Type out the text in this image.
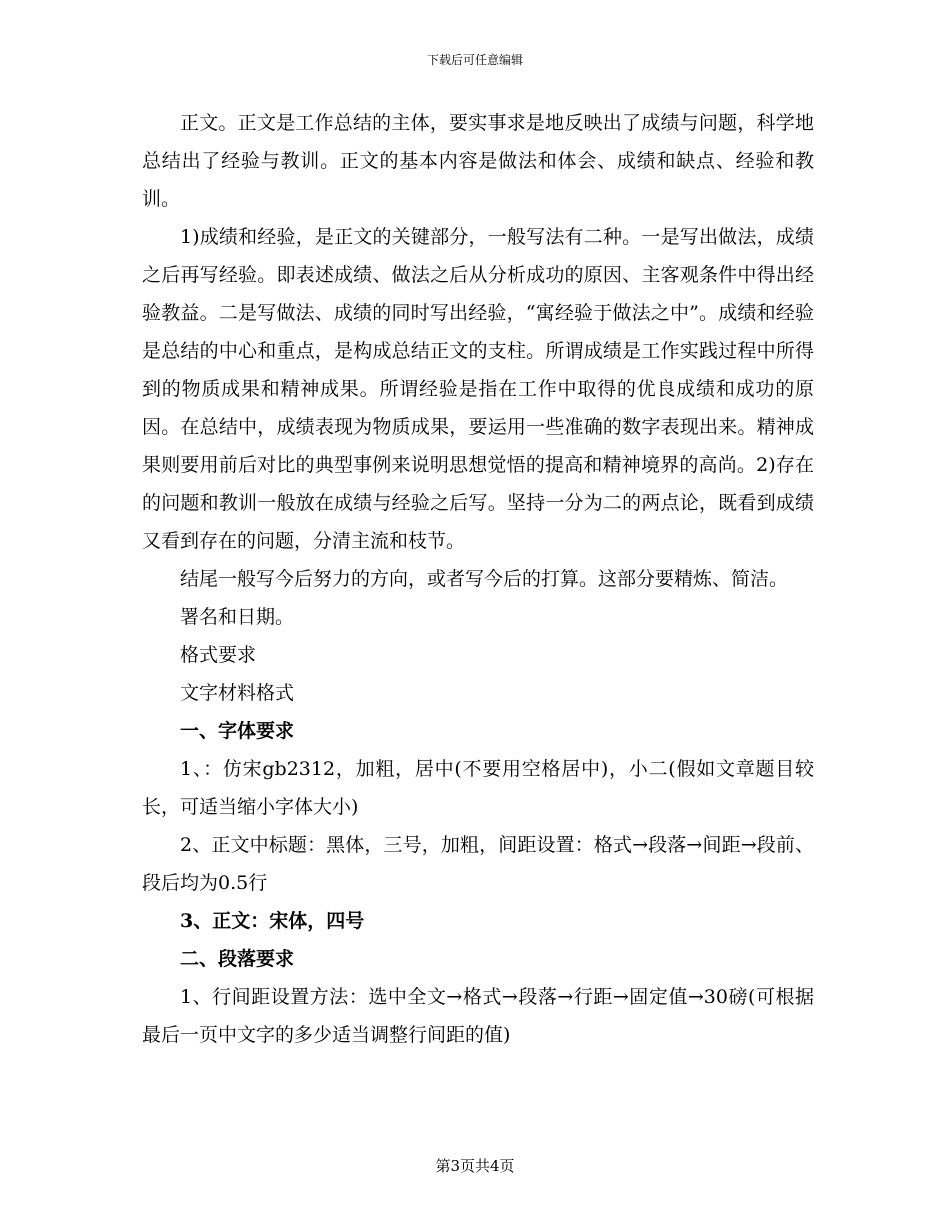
下载后可任意编辑

正文。正文是工作总结的主体，要实事求是地反映出了成绩与问题，科学地总结出了经验与教训。正文的基本内容是做法和体会、成绩和缺点、经验和教训。

1)成绩和经验，是正文的关键部分，一般写法有二种。一是写出做法，成绩之后再写经验。即表述成绩、做法之后从分析成功的原因、主客观条件中得出经验教益。二是写做法、成绩的同时写出经验，“寓经验于做法之中”。成绩和经验是总结的中心和重点，是构成总结正文的支柱。所谓成绩是工作实践过程中所得到的物质成果和精神成果。所谓经验是指在工作中取得的优良成绩和成功的原因。在总结中，成绩表现为物质成果，要运用一些准确的数字表现出来。精神成果则要用前后对比的典型事例来说明思想觉悟的提高和精神境界的高尚。2)存在的问题和教训一般放在成绩与经验之后写。坚持一分为二的两点论，既看到成绩又看到存在的问题，分清主流和枝节。

结尾一般写今后努力的方向，或者写今后的打算。这部分要精炼、简洁。

署名和日期。

格式要求

文字材料格式

一、字体要求

1、：仿宋gb2312，加粗，居中(不要用空格居中)，小二(假如文章题目较长，可适当缩小字体大小)

2、正文中标题：黑体，三号，加粗，间距设置：格式→段落→间距→段前、段后均为0.5行

3、正文：宋体，四号

二、段落要求

1、行间距设置方法：选中全文→格式→段落→行距→固定值→30磅(可根据最后一页中文字的多少适当调整行间距的值)

第3页共4页
